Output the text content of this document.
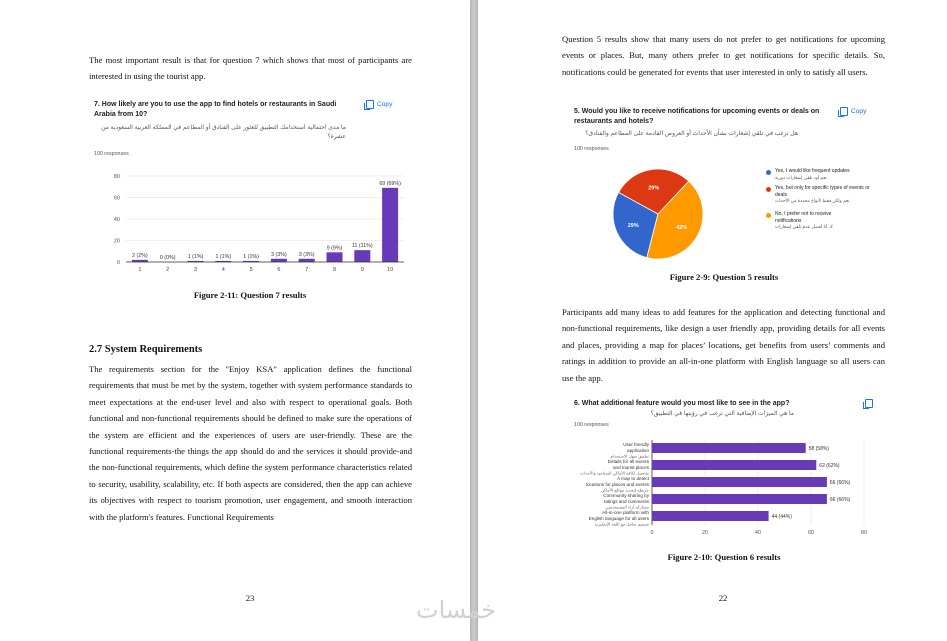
The most important result is that for question 7 which shows that most of participants are interested in using the tourist app.

7. How likely are you to use the app to find hotels or restaurants in Saudi Arabia from 10?
ما مدى احتمالية استخدامك التطبيق للعثور على الفنادق أو المطاعم في المملكة العربية السعودية من عشرة؟
100 responses
Copy
0
20
40
60
80
2 (2%)
1
0 (0%)
2
1 (1%)
3
1 (1%)
4
1 (1%)
5
3 (3%)
6
3 (3%)
7
9 (9%)
8
11 (11%)
9
69 (69%)
10

Figure 2-11: Question 7 results

2.7 System Requirements

The requirements section for the "Enjoy KSA" application defines the functional requirements that must be met by the system, together with system performance standards to meet expectations at the end-user level and also with respect to operational goals. Both functional and non-functional requirements should be defined to make sure the operations of the system are efficient and the experiences of users are user-friendly. These are the functional requirements-the things the app should do and the services it should provide-and the non-functional requirements, which define the system performance characteristics related to security, usability, scalability, etc. If both aspects are considered, then the app can achieve its objectives with respect to tourism promotion, user engagement, and smooth interaction with the platform's features. Functional Requirements

23

Question 5 results show that many users do not prefer to get notifications for upcoming events or places. But, many others prefer to get notifications for specific details. So, notifications could be generated for events that user interested in only to satisfy all users.

5. Would you like to receive notifications for upcoming events or deals on restaurants and hotels?
هل ترغب في تلقي إشعارات بشأن الأحداث أو العروض القادمة على المطاعم والفنادق؟
100 responses
Copy
29%
29%
42%
Yes, I would like frequent updates
نعم أود تلقي إشعارات دورية
Yes, but only for specific types of events or deals
نعم ولكن فقط لأنواع محددة من الأحداث
No, I prefer not to receive notifications
لا، أنا أفضل عدم تلقي إشعارات

Figure 2-9: Question 5 results

Participants add many ideas to add features for the application and detecting functional and non-functional requirements, like design a user friendly app, providing details for all events and places, providing a map for places’ locations, get benefits from users’ comments and ratings in addition to provide an all-in-one platform with English language so all users can use the app.

6. What additional feature would you most like to see in the app?
ما هي الميزات الإضافية التي ترغب في رؤيتها في التطبيق؟
100 responses
0	20	40	60	80
58 (58%)
User friendly
application
تطبيق سهل الاستخدام
62 (62%)
Details for all events
and tourist places
تفاصيل لكافة الأماكن السياحية والأحداث
66 (66%)
A map to detect
locations for places and events
خريطة لتحديد مواقع الأماكن
66 (66%)
Community sharing by
ratings and comments
مشاركة آراء المستخدمين
44 (44%)
All-in-one platform with
English language for all users
تصميم شامل مع اللغة الإنجليزية

Figure 2-10: Question 6 results

22
خمسات
